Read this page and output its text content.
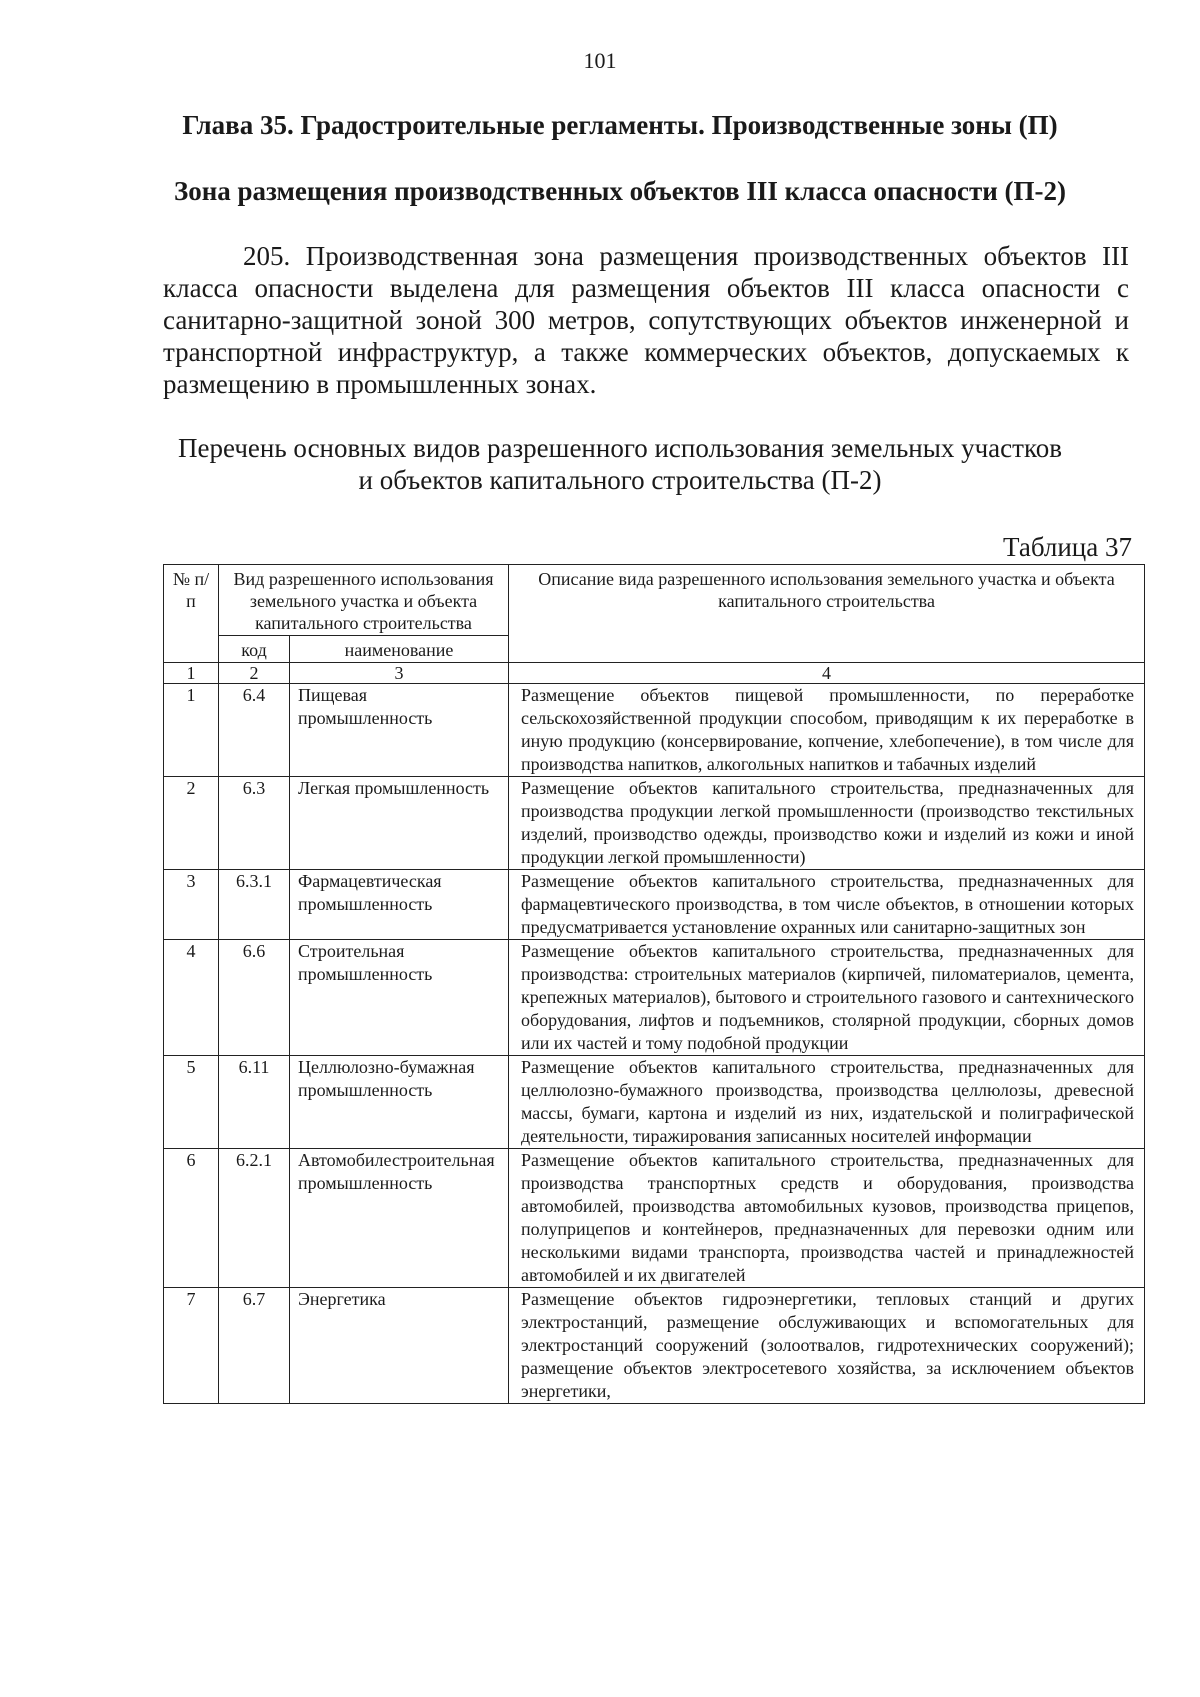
101
Глава 35. Градостроительные регламенты. Производственные зоны (П)
Зона размещения производственных объектов III класса опасности (П-2)

205. Производственная зона размещения производственных объектов III класса опасности выделена для размещения объектов III класса опасности с санитарно-защитной зоной 300 метров, сопутствующих объектов инженерной и транспортной инфраструктур, а также коммерческих объектов, допускаемых к размещению в промышленных зонах.

Перечень основных видов разрешенного использования земельных участков
и объектов капитального строительства (П-2)
Таблица 37
№ п/п	Вид разрешенного использования земельного участка и объекта капитального строительства		Описание вида разрешенного использования земельного участка и объекта капитального строительства
	код	наименование	
1	2	3	4
1	6.4	Пищевая промышленность	Размещение объектов пищевой промышленности, по переработке сельскохозяйственной продукции способом, приводящим к их переработке в иную продукцию (консервирование, копчение, хлебопечение), в том числе для производства напитков, алкогольных напитков и табачных изделий
2	6.3	Легкая промышленность	Размещение объектов капитального строительства, предназначенных для производства продукции легкой промышленности (производство текстильных изделий, производство одежды, производство кожи и изделий из кожи и иной продукции легкой промышленности)
3	6.3.1	Фармацевтическая промышленность	Размещение объектов капитального строительства, предназначенных для фармацевтического производства, в том числе объектов, в отношении которых предусматривается установление охранных или санитарно-защитных зон
4	6.6	Строительная промышленность	Размещение объектов капитального строительства, предназначенных для производства: строительных материалов (кирпичей, пиломатериалов, цемента, крепежных материалов), бытового и строительного газового и сантехнического оборудования, лифтов и подъемников, столярной продукции, сборных домов или их частей и тому подобной продукции
5	6.11	Целлюлозно-бумажная промышленность	Размещение объектов капитального строительства, предназначенных для целлюлозно-бумажного производства, производства целлюлозы, древесной массы, бумаги, картона и изделий из них, издательской и полиграфической деятельности, тиражирования записанных носителей информации
6	6.2.1	Автомобилестроительная промышленность	Размещение объектов капитального строительства, предназначенных для производства транспортных средств и оборудования, производства автомобилей, производства автомобильных кузовов, производства прицепов, полуприцепов и контейнеров, предназначенных для перевозки одним или несколькими видами транспорта, производства частей и принадлежностей автомобилей и их двигателей
7	6.7	Энергетика	Размещение объектов гидроэнергетики, тепловых станций и других электростанций, размещение обслуживающих и вспомогательных для электростанций сооружений (золоотвалов, гидротехнических сооружений); размещение объектов электросетевого хозяйства, за исключением объектов энергетики,
